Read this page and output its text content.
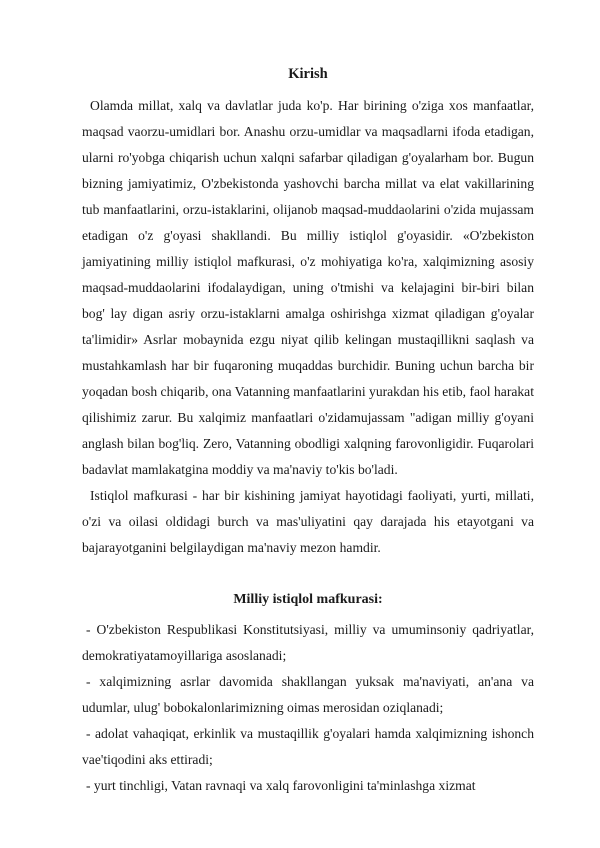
Kirish

Olamda millat, xalq va davlatlar juda ko'p. Har birining o'ziga xos manfaatlar, maqsad vaorzu-umidlari bor. Anashu orzu-umidlar va maqsadlarni ifoda etadigan, ularni ro'yobga chiqarish uchun xalqni safarbar qiladigan g'oyalarham bor. Bugun bizning jamiyatimiz, O'zbekistonda yashovchi barcha millat va elat vakillarining tub manfaatlarini, orzu-istaklarini, olijanob maqsad-muddaolarini o'zida mujassam etadigan o'z g'oyasi shakllandi. Bu milliy istiqlol g'oyasidir. «O'zbekiston jamiyatining milliy istiqlol mafkurasi, o'z mohiyatiga ko'ra, xalqimizning asosiy maqsad-muddaolarini ifodalaydigan, uning o'tmishi va kelajagini bir-biri bilan bog' lay digan asriy orzu-istaklarni amalga oshirishga xizmat qiladigan g'oyalar ta'limidir» Asrlar mobaynida ezgu niyat qilib kelingan mustaqillikni saqlash va mustahkamlash har bir fuqaroning muqaddas burchidir. Buning uchun barcha bir yoqadan bosh chiqarib, ona Vatanning manfaatlarini yurakdan his etib, faol harakat qilishimiz zarur. Bu xalqimiz manfaatlari o'zidamujassam "adigan milliy g'oyani anglash bilan bog'liq. Zero, Vatanning obodligi xalqning farovonligidir. Fuqarolari badavlat mamlakatgina moddiy va ma'naviy to'kis bo'ladi.

Istiqlol mafkurasi - har bir kishining jamiyat hayotidagi faoliyati, yurti, millati, o'zi va oilasi oldidagi burch va mas'uliyatini qay darajada his etayotgani va bajarayotganini belgilaydigan ma'naviy mezon hamdir.

Milliy istiqlol mafkurasi:

- O'zbekiston Respublikasi Konstitutsiyasi, milliy va umuminsoniy qadriyatlar, demokratiyatamoyillariga asoslanadi;

- xalqimizning asrlar davomida shakllangan yuksak ma'naviyati, an'ana va udumlar, ulug' bobokalonlarimizning oimas merosidan oziqlanadi;

- adolat vahaqiqat, erkinlik va mustaqillik g'oyalari hamda xalqimizning ishonch vae'tiqodini aks ettiradi;

- yurt tinchligi, Vatan ravnaqi va xalq farovonligini ta'minlashga xizmat
